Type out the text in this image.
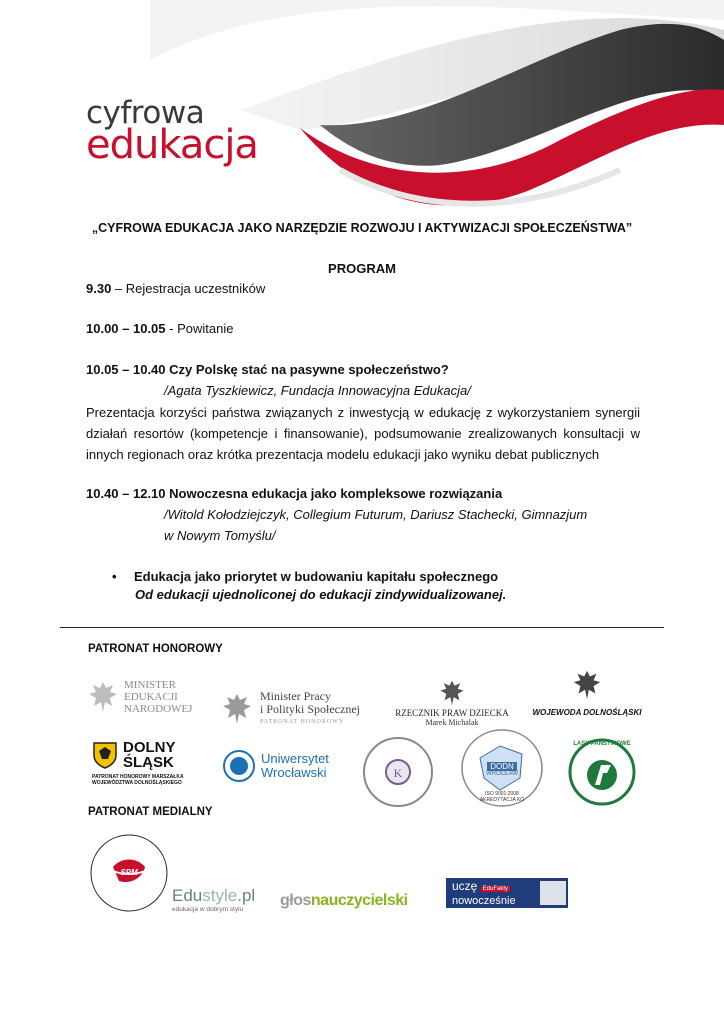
cyfrowa
edukacja
„CYFROWA EDUKACJA JAKO NARZĘDZIE ROZWOJU I AKTYWIZACJI SPOŁECZEŃSTWA”
PROGRAM
9.30 – Rejestracja uczestników
10.00 – 10.05 - Powitanie
10.05 – 10.40 Czy Polskę stać na pasywne społeczeństwo?
/Agata Tyszkiewicz, Fundacja Innowacyjna Edukacja/
Prezentacja korzyści państwa związanych z inwestycją w edukację z wykorzystaniem synergii działań resortów (kompetencje i finansowanie), podsumowanie zrealizowanych konsultacji w innych regionach oraz krótka prezentacja modelu edukacji jako wyniku debat publicznych
10.40 – 12.10 Nowoczesna edukacja jako kompleksowe rozwiązania
/Witold Kołodziejczyk, Collegium Futurum, Dariusz Stachecki, Gimnazjum
w Nowym Tomyślu/
• Edukacja jako priorytet w budowaniu kapitału społecznego
Od edukacji ujednoliconej do edukacji zindywidualizowanej.
PATRONAT HONOROWY
MINISTER
EDUKACJI
NARODOWEJ
Minister Pracy
i Polityki Społecznej
PATRONAT HONOROWY
RZECZNIK PRAW DZIECKA
Marek Michalak
WOJEWODA DOLNOŚLĄSKI
DOLNY
ŚLĄSK
PATRONAT HONOROWY MARSZAŁKA
WOJEWÓDZTWA DOLNOŚLĄSKIEGO
Uniwersytet
Wrocławski	K	DODN
WROCŁAW
ISO 9001:2008
AKREDYTACJA KO
LASY PAŃSTWOWE
PATRONAT MEDIALNY
SPM
Edustyle.pl
edukacja w dobrym stylu głos nauczycielski
uczę EduFakty
nowocześnie
